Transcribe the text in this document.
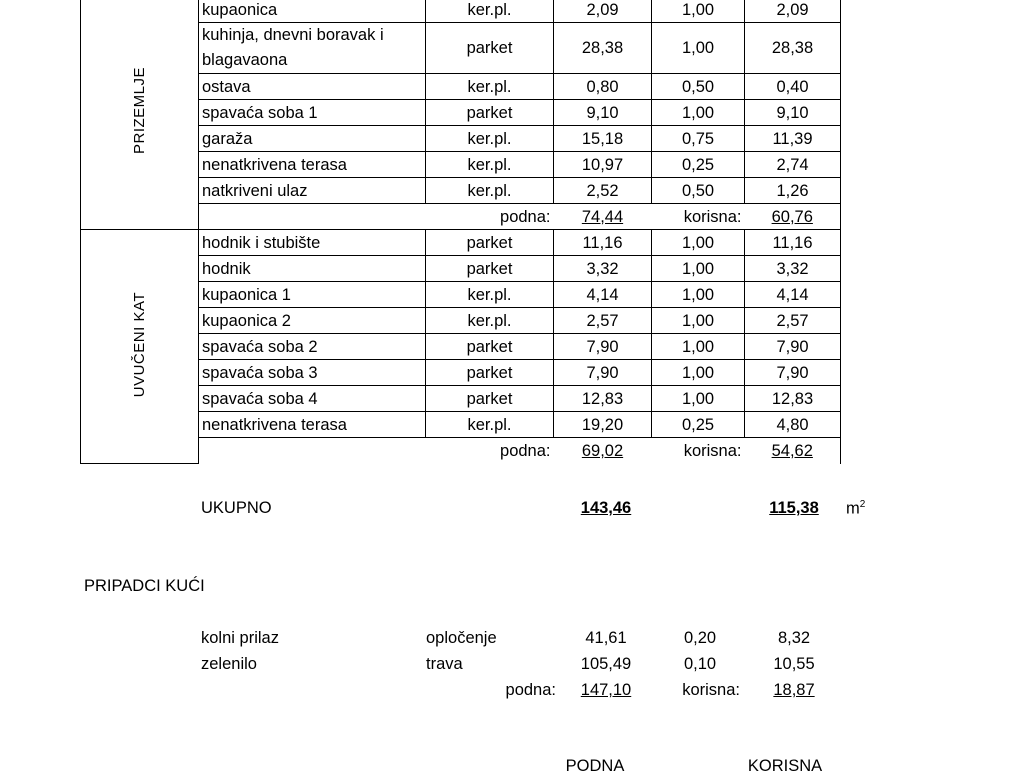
PRIZEMLJE	kupaonica	ker.pl.	2,09	1,00	2,09
	kuhinja, dnevni boravak i blagavaona	parket	28,38	1,00	28,38
	ostava	ker.pl.	0,80	0,50	0,40
	spavaća soba 1	parket	9,10	1,00	9,10
	garaža	ker.pl.	15,18	0,75	11,39
	nenatkrivena terasa	ker.pl.	10,97	0,25	2,74
	natkriveni ulaz	ker.pl.	2,52	0,50	1,26
		podna:	74,44	korisna:	60,76
UVUČENI KAT	hodnik i stubište	parket	11,16	1,00	11,16
	hodnik	parket	3,32	1,00	3,32
	kupaonica 1	ker.pl.	4,14	1,00	4,14
	kupaonica 2	ker.pl.	2,57	1,00	2,57
	spavaća soba 2	parket	7,90	1,00	7,90
	spavaća soba 3	parket	7,90	1,00	7,90
	spavaća soba 4	parket	12,83	1,00	12,83
	nenatkrivena terasa	ker.pl.	19,20	0,25	4,80
		podna:	69,02	korisna:	54,62
UKUPNO	143,46	115,38	$m^2$
PRIPADCI KUĆI
kolni prilaz	opločenje	41,61	0,20	8,32
zelenilo	trava	105,49	0,10	10,55
podna:	147,10	korisna:	18,87
PODNA	KORISNA
